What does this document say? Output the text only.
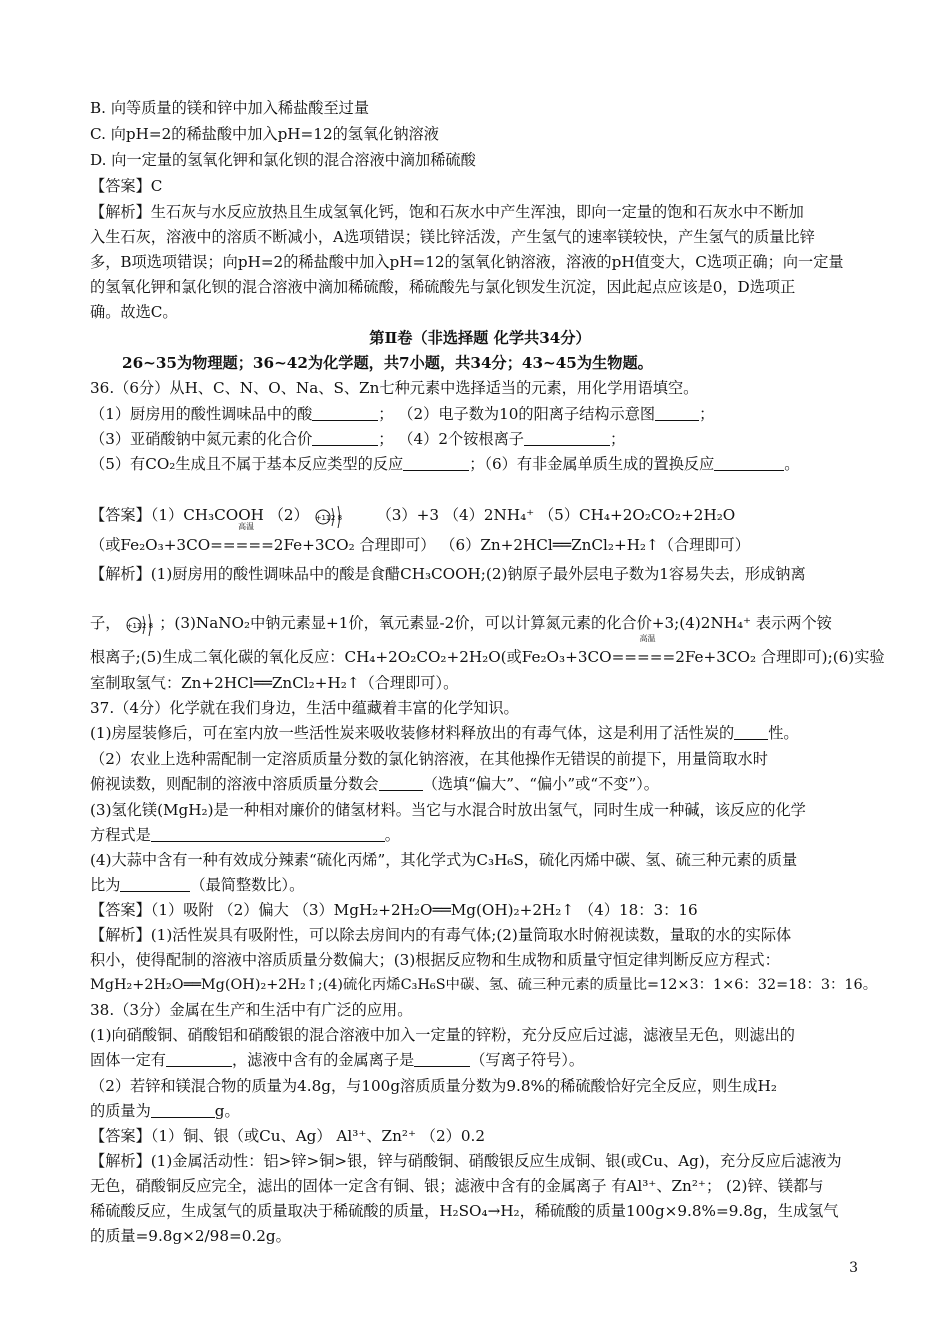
B. 向等质量的镁和锌中加入稀盐酸至过量
C. 向pH=2的稀盐酸中加入pH=12的氢氧化钠溶液
D. 向一定量的氢氧化钾和氯化钡的混合溶液中滴加稀硫酸
【答案】C
【解析】生石灰与水反应放热且生成氢氧化钙，饱和石灰水中产生浑浊，即向一定量的饱和石灰水中不断加
入生石灰，溶液中的溶质不断减小，A选项错误；镁比锌活泼，产生氢气的速率镁较快，产生氢气的质量比锌
多，B项选项错误；向pH=2的稀盐酸中加入pH=12的氢氧化钠溶液，溶液的pH值变大，C选项正确；向一定量
的氢氧化钾和氯化钡的混合溶液中滴加稀硫酸，稀硫酸先与氯化钡发生沉淀，因此起点应该是0，D选项正
确。故选C。
第Ⅱ卷（非选择题 化学共34分）
26~35为物理题；36~42为化学题，共7小题，共34分；43~45为生物题。
36.（6分）从H、C、N、O、Na、S、Zn七种元素中选择适当的元素，用化学用语填空。
（1）厨房用的酸性调味品中的酸	； （2）电子数为10的阳离子结构示意图	；
（3）亚硝酸钠中氮元素的化合价	； （4）2个铵根离子	；
（5）有CO₂生成且不属于基本反应类型的反应	；（6）有非金属单质生成的置换反应	。
【答案】（1）CH₃COOH （2） +11 2 8 （3）+3 （4）2NH₄⁺ （5）CH₄+2O₂CO₂+2H₂O
（或Fe₂O₃+3CO
高温
=====2Fe+3CO₂ 合理即可） （6）Zn+2HCl══ZnCl₂+H₂↑（合理即可）
【解析】(1)厨房用的酸性调味品中的酸是食醋CH₃COOH;(2)钠原子最外层电子数为1容易失去，形成钠离
子， +11 2 8 ；(3)NaNO₂中钠元素显+1价，氧元素显-2价，可以计算氮元素的化合价+3;(4)2NH₄⁺ 表示两个铵
根离子;(5)生成二氧化碳的氧化反应：CH₄+2O₂CO₂+2H₂O(或Fe₂O₃+3CO
高温
=====2Fe+3CO₂ 合理即可);(6)实验
室制取氢气：Zn+2HCl══ZnCl₂+H₂↑（合理即可）。
37.（4分）化学就在我们身边，生活中蕴藏着丰富的化学知识。
(1)房屋装修后，可在室内放一些活性炭来吸收装修材料释放出的有毒气体，这是利用了活性炭的 性。
（2）农业上选种需配制一定溶质质量分数的氯化钠溶液，在其他操作无错误的前提下，用量筒取水时
俯视读数，则配制的溶液中溶质质量分数会	（选填“偏大”、“偏小”或“不变”）。
(3)氢化镁(MgH₂)是一种相对廉价的储氢材料。当它与水混合时放出氢气，同时生成一种碱，该反应的化学
方程式是	。
(4)大蒜中含有一种有效成分辣素“硫化丙烯”，其化学式为C₃H₆S，硫化丙烯中碳、氢、硫三种元素的质量
比为	（最简整数比）。
【答案】（1）吸附 （2）偏大 （3）MgH₂+2H₂O══Mg(OH)₂+2H₂↑ （4）18：3：16
【解析】(1)活性炭具有吸附性，可以除去房间内的有毒气体;(2)量筒取水时俯视读数，量取的水的实际体
积小，使得配制的溶液中溶质质量分数偏大；(3)根据反应物和生成物和质量守恒定律判断反应方程式：
MgH₂+2H₂O══Mg(OH)₂+2H₂↑;(4)硫化丙烯C₃H₆S中碳、氢、硫三种元素的质量比=12×3：1×6：32=18：3：16。
38.（3分）金属在生产和生活中有广泛的应用。
(1)向硝酸铜、硝酸铝和硝酸银的混合溶液中加入一定量的锌粉，充分反应后过滤，滤液呈无色，则滤出的
固体一定有	，滤液中含有的金属离子是	（写离子符号）。
（2）若锌和镁混合物的质量为4.8g，与100g溶质质量分数为9.8%的稀硫酸恰好完全反应，则生成H₂
的质量为	g。
【答案】（1）铜、银（或Cu、Ag） Al³⁺、Zn²⁺ （2）0.2
【解析】(1)金属活动性：铝>锌>铜>银，锌与硝酸铜、硝酸银反应生成铜、银(或Cu、Ag)，充分反应后滤液为
无色，硝酸铜反应完全，滤出的固体一定含有铜、银；滤液中含有的金属离子 有Al³⁺、Zn²⁺； (2)锌、镁都与
稀硫酸反应，生成氢气的质量取决于稀硫酸的质量，H₂SO₄→H₂，稀硫酸的质量100g×9.8%=9.8g，生成氢气
的质量=9.8g×2/98=0.2g。
3
